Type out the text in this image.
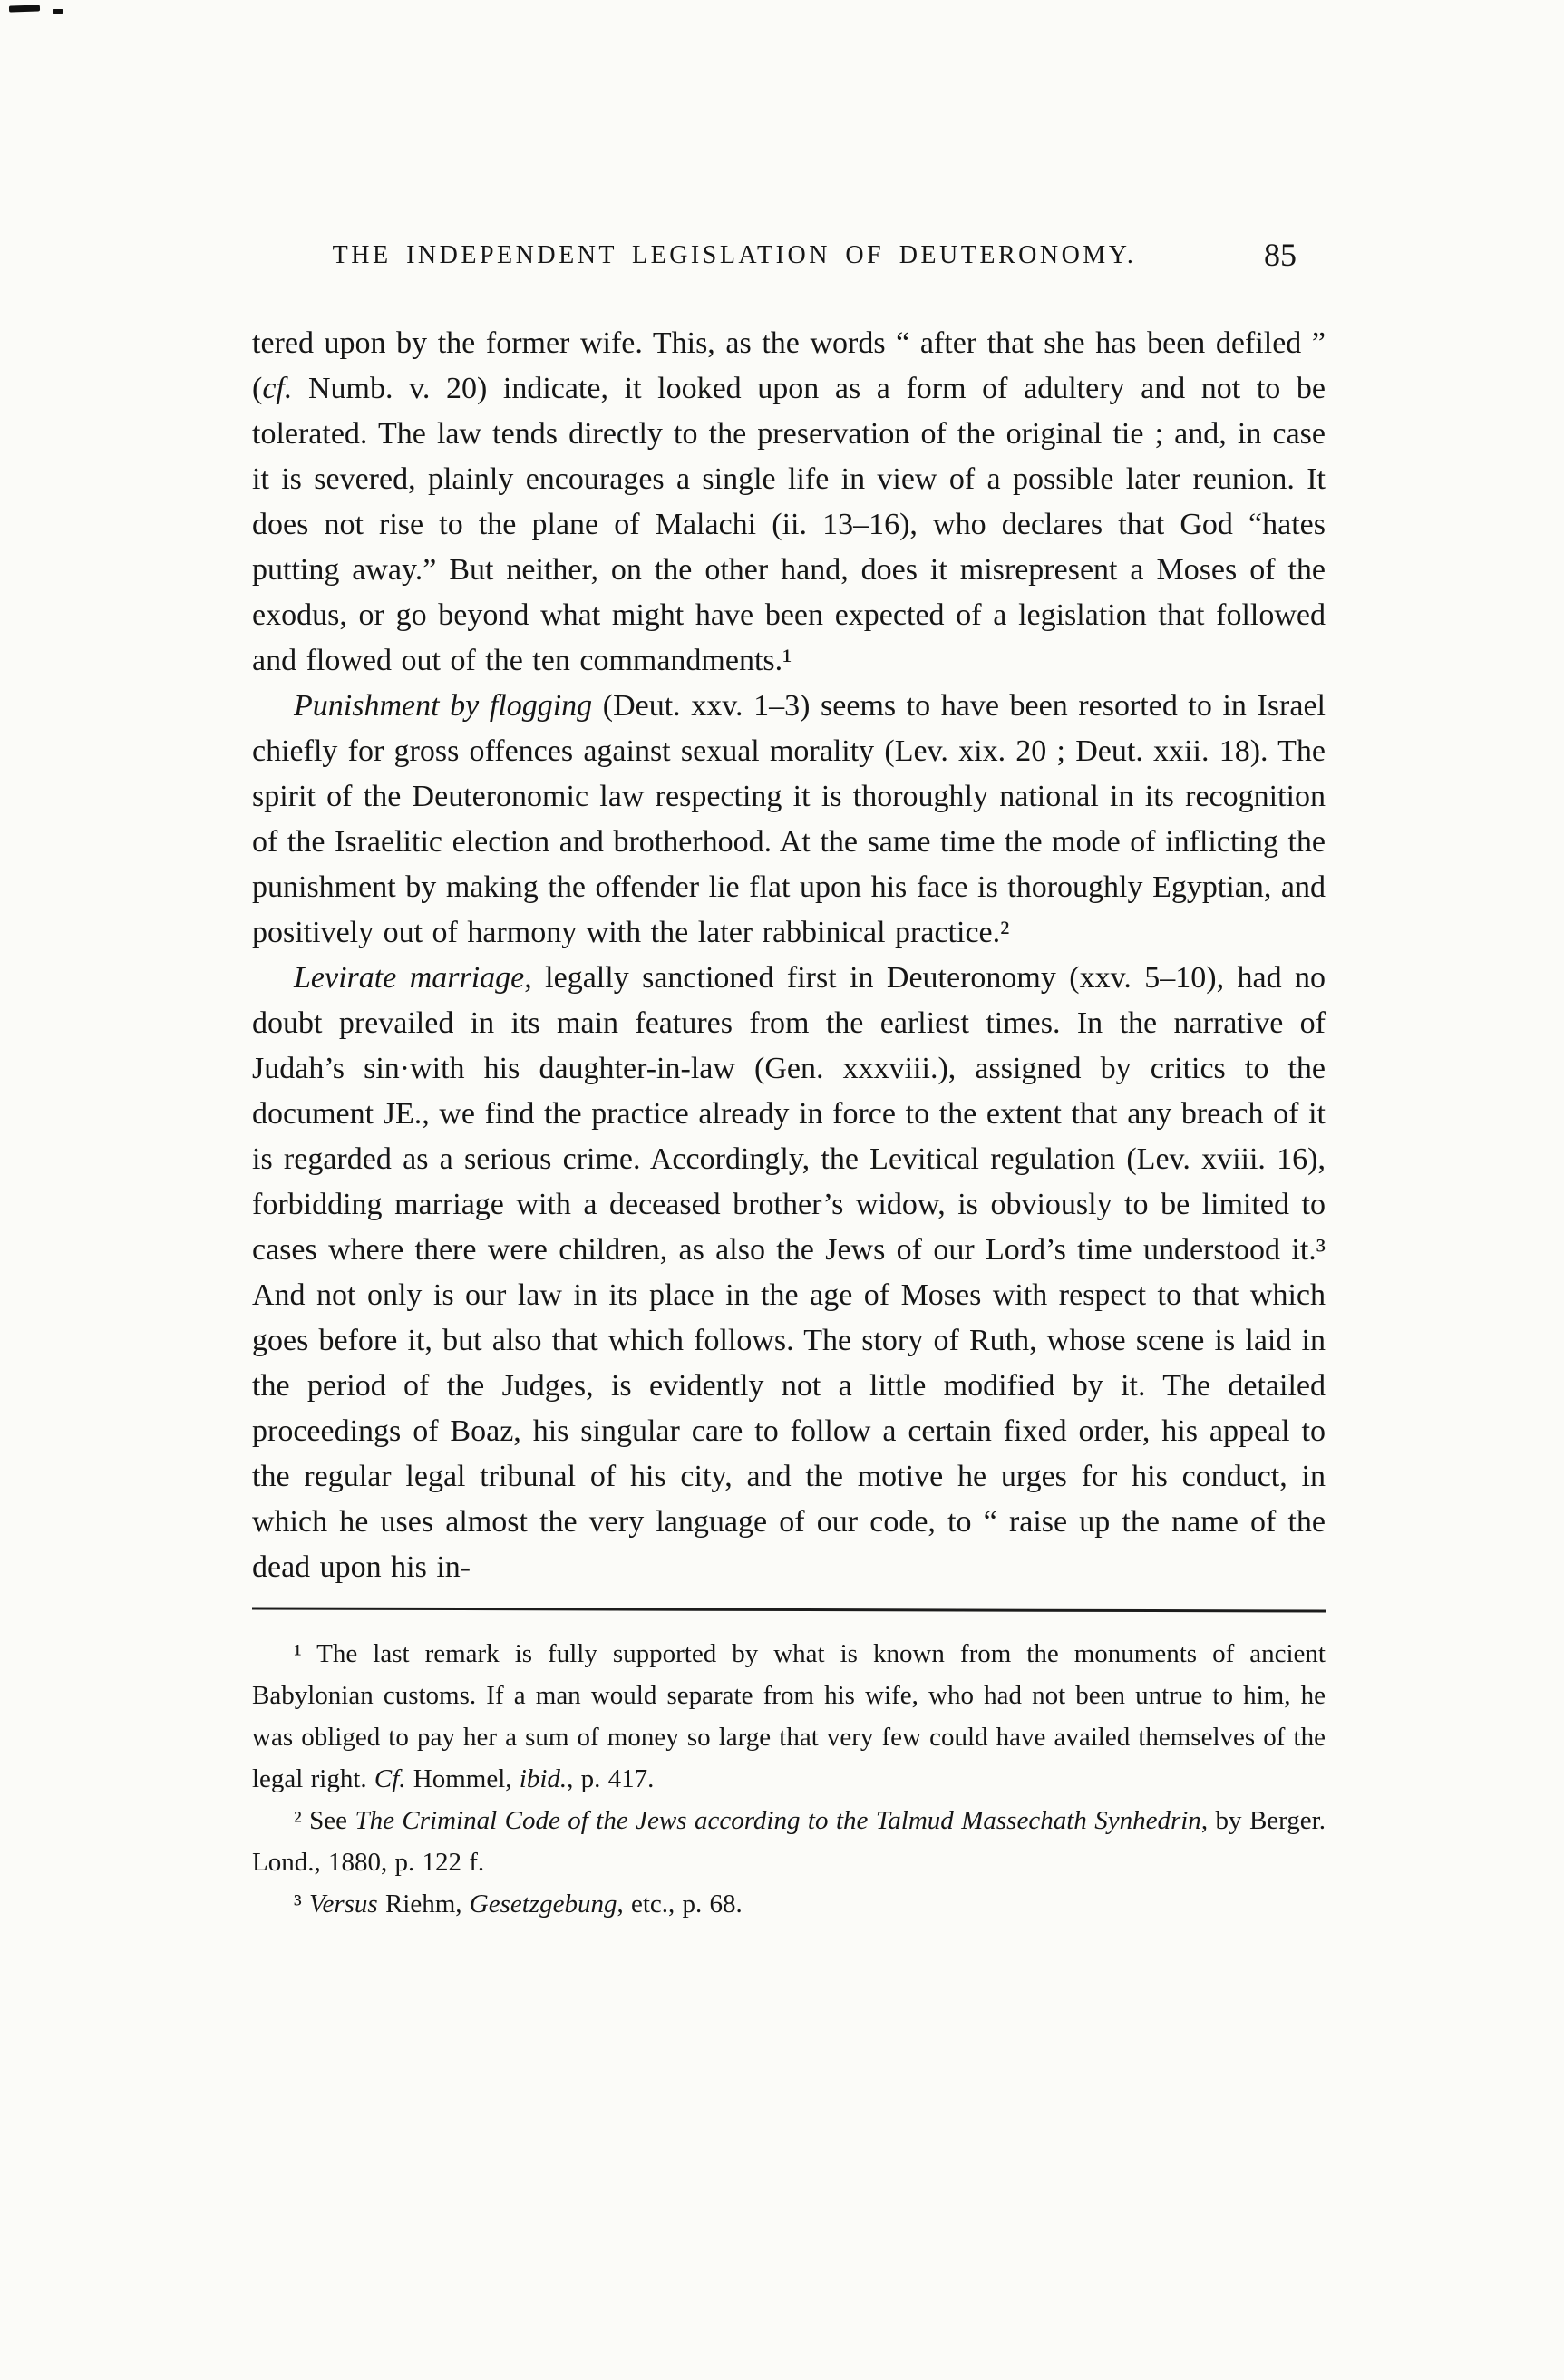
THE INDEPENDENT LEGISLATION OF DEUTERONOMY.	85

tered upon by the former wife. This, as the words “ after that she has been defiled ” (cf. Numb. v. 20) indicate, it looked upon as a form of adultery and not to be tolerated. The law tends directly to the preservation of the original tie ; and, in case it is severed, plainly encourages a single life in view of a possible later reunion. It does not rise to the plane of Malachi (ii. 13–16), who declares that God “hates putting away.” But neither, on the other hand, does it misrepresent a Moses of the exodus, or go beyond what might have been expected of a legislation that followed and flowed out of the ten commandments.¹

Punishment by flogging (Deut. xxv. 1–3) seems to have been resorted to in Israel chiefly for gross offences against sexual morality (Lev. xix. 20 ; Deut. xxii. 18). The spirit of the Deuteronomic law respecting it is thoroughly national in its recognition of the Israelitic election and brotherhood. At the same time the mode of inflicting the punishment by making the offender lie flat upon his face is thoroughly Egyptian, and positively out of harmony with the later rabbinical practice.²

Levirate marriage, legally sanctioned first in Deuteronomy (xxv. 5–10), had no doubt prevailed in its main features from the earliest times. In the narrative of Judah’s sin·with his daughter-in-law (Gen. xxxviii.), assigned by critics to the document JE., we find the practice already in force to the extent that any breach of it is regarded as a serious crime. Accordingly, the Levitical regulation (Lev. xviii. 16), forbidding marriage with a deceased brother’s widow, is obviously to be limited to cases where there were children, as also the Jews of our Lord’s time understood it.³ And not only is our law in its place in the age of Moses with respect to that which goes before it, but also that which follows. The story of Ruth, whose scene is laid in the period of the Judges, is evidently not a little modified by it. The detailed proceedings of Boaz, his singular care to follow a certain fixed order, his appeal to the regular legal tribunal of his city, and the motive he urges for his conduct, in which he uses almost the very language of our code, to “ raise up the name of the dead upon his in-

¹ The last remark is fully supported by what is known from the monuments of ancient Babylonian customs. If a man would separate from his wife, who had not been untrue to him, he was obliged to pay her a sum of money so large that very few could have availed themselves of the legal right. Cf. Hommel, ibid., p. 417.

² See The Criminal Code of the Jews according to the Talmud Massechath Synhedrin, by Berger. Lond., 1880, p. 122 f.

³ Versus Riehm, Gesetzgebung, etc., p. 68.
